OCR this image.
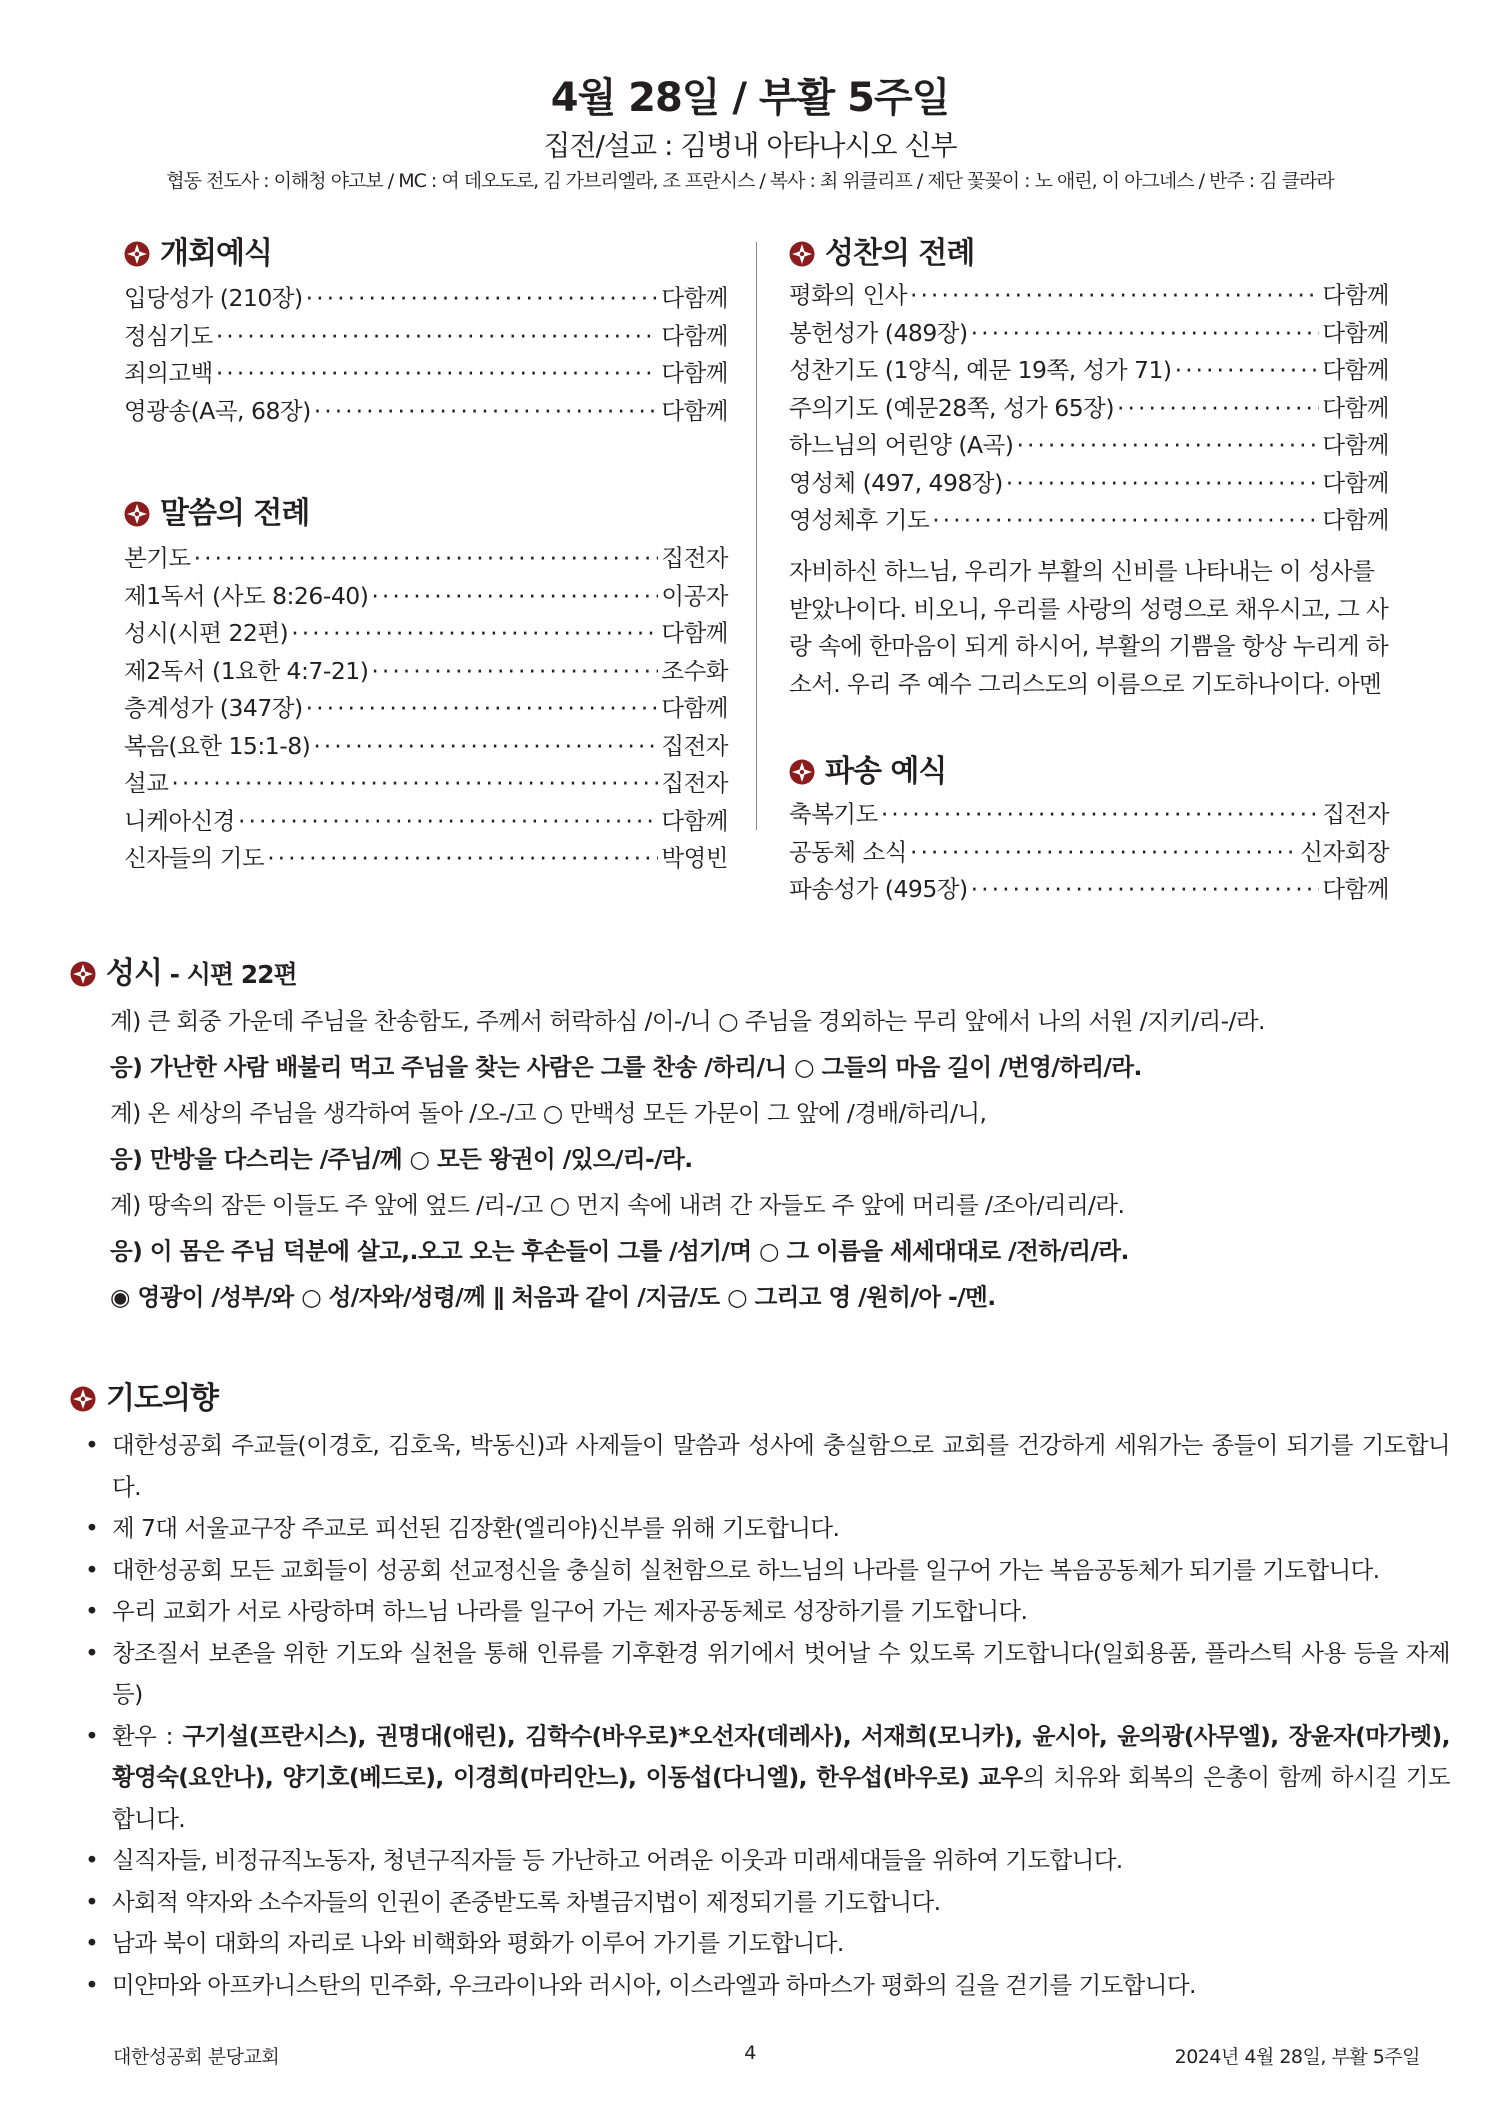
4월 28일 / 부활 5주일
집전/설교 : 김병내 아타나시오 신부
협동 전도사 : 이해청 야고보 / MC : 여 데오도로, 김 가브리엘라, 조 프란시스 / 복사 : 최 위클리프 / 제단 꽃꽂이 : 노 애린, 이 아그네스 / 반주 : 김 클라라
개회예식
입당성가 (210장) ·····	다함께
정심기도 ·····	다함께
죄의고백 ·····	다함께
영광송(A곡, 68장) ·····	다함께
말씀의 전례
본기도 ·····	집전자
제1독서 (사도 8:26-40) ·····	이공자
성시(시편 22편) ·····	다함께
제2독서 (1요한 4:7-21) ·····	조수화
층계성가 (347장) ·····	다함께
복음(요한 15:1-8) ·····	집전자
설교 ·····	집전자
니케아신경 ·····	다함께
신자들의 기도 ·····	박영빈
성찬의 전례
평화의 인사 ·····	다함께
봉헌성가 (489장) ·····	다함께
성찬기도 (1양식, 예문 19쪽, 성가 71) ·····	다함께
주의기도 (예문28쪽, 성가 65장) ·····	다함께
하느님의 어린양 (A곡) ·····	다함께
영성체 (497, 498장) ·····	다함께
영성체후 기도 ·····	다함께
자비하신 하느님, 우리가 부활의 신비를 나타내는 이 성사를 받았나이다. 비오니, 우리를 사랑의 성령으로 채우시고, 그 사랑 속에 한마음이 되게 하시어, 부활의 기쁨을 항상 누리게 하소서. 우리 주 예수 그리스도의 이름으로 기도하나이다. 아멘
파송 예식
축복기도 ·····	집전자
공동체 소식 ·····	신자회장
파송성가 (495장) ·····	다함께
성시 - 시편 22편
계) 큰 회중 가운데 주님을 찬송함도, 주께서 허락하심 /이-/니 ○ 주님을 경외하는 무리 앞에서 나의 서원 /지키/리-/라.
응) 가난한 사람 배불리 먹고 주님을 찾는 사람은 그를 찬송 /하리/니 ○ 그들의 마음 길이 /번영/하리/라.
계) 온 세상의 주님을 생각하여 돌아 /오-/고 ○ 만백성 모든 가문이 그 앞에 /경배/하리/니,
응) 만방을 다스리는 /주님/께 ○ 모든 왕권이 /있으/리-/라.
계) 땅속의 잠든 이들도 주 앞에 엎드 /리-/고 ○ 먼지 속에 내려 간 자들도 주 앞에 머리를 /조아/리리/라.
응) 이 몸은 주님 덕분에 살고,.오고 오는 후손들이 그를 /섬기/며 ○ 그 이름을 세세대대로 /전하/리/라.
◉ 영광이 /성부/와 ○ 성/자와/성령/께 ∥ 처음과 같이 /지금/도 ○ 그리고 영 /원히/아 -/멘.
기도의향
• 대한성공회 주교들(이경호, 김호욱, 박동신)과 사제들이 말씀과 성사에 충실함으로 교회를 건강하게 세워가는 종들이 되기를 기도합니다.
• 제 7대 서울교구장 주교로 피선된 김장환(엘리야)신부를 위해 기도합니다.
• 대한성공회 모든 교회들이 성공회 선교정신을 충실히 실천함으로 하느님의 나라를 일구어 가는 복음공동체가 되기를 기도합니다.
• 우리 교회가 서로 사랑하며 하느님 나라를 일구어 가는 제자공동체로 성장하기를 기도합니다.
• 창조질서 보존을 위한 기도와 실천을 통해 인류를 기후환경 위기에서 벗어날 수 있도록 기도합니다(일회용품, 플라스틱 사용 등을 자제 등)
• 환우 : 구기설(프란시스), 권명대(애린), 김학수(바우로)*오선자(데레사), 서재희(모니카), 윤시아, 윤의광(사무엘), 장윤자(마가렛), 황영숙(요안나), 양기호(베드로), 이경희(마리안느), 이동섭(다니엘), 한우섭(바우로) 교우의 치유와 회복의 은총이 함께 하시길 기도합니다.
• 실직자들, 비정규직노동자, 청년구직자들 등 가난하고 어려운 이웃과 미래세대들을 위하여 기도합니다.
• 사회적 약자와 소수자들의 인권이 존중받도록 차별금지법이 제정되기를 기도합니다.
• 남과 북이 대화의 자리로 나와 비핵화와 평화가 이루어 가기를 기도합니다.
• 미얀마와 아프카니스탄의 민주화, 우크라이나와 러시아, 이스라엘과 하마스가 평화의 길을 걷기를 기도합니다.
대한성공회 분당교회	4	2024년 4월 28일, 부활 5주일
